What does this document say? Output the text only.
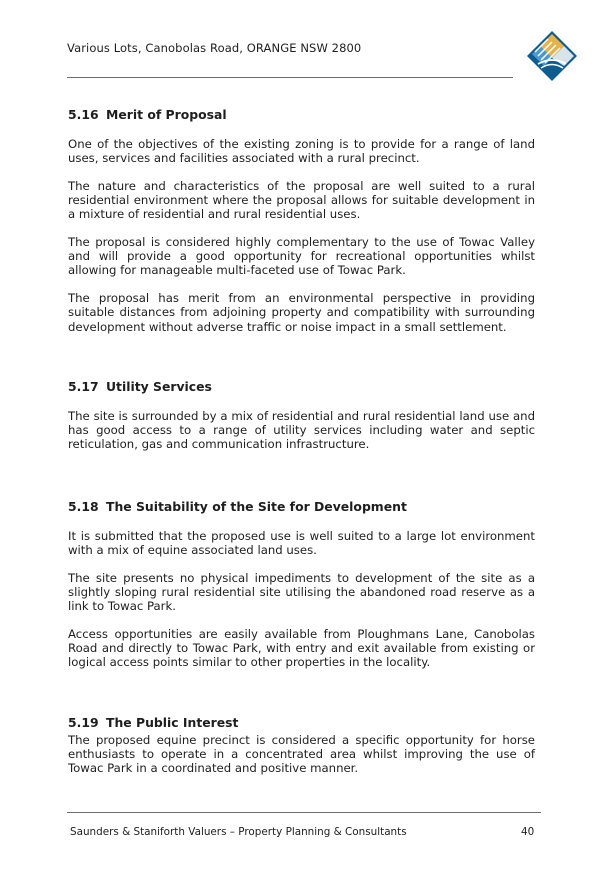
Various Lots, Canobolas Road, ORANGE NSW 2800
5.16 Merit of Proposal

One of the objectives of the existing zoning is to provide for a range of land uses, services and facilities associated with a rural precinct.

The nature and characteristics of the proposal are well suited to a rural residential environment where the proposal allows for suitable development in a mixture of residential and rural residential uses.

The proposal is considered highly complementary to the use of Towac Valley and will provide a good opportunity for recreational opportunities whilst allowing for manageable multi-faceted use of Towac Park.

The proposal has merit from an environmental perspective in providing suitable distances from adjoining property and compatibility with surrounding development without adverse traffic or noise impact in a small settlement.

5.17 Utility Services

The site is surrounded by a mix of residential and rural residential land use and has good access to a range of utility services including water and septic reticulation, gas and communication infrastructure.

5.18 The Suitability of the Site for Development

It is submitted that the proposed use is well suited to a large lot environment with a mix of equine associated land uses.

The site presents no physical impediments to development of the site as a slightly sloping rural residential site utilising the abandoned road reserve as a link to Towac Park.

Access opportunities are easily available from Ploughmans Lane, Canobolas Road and directly to Towac Park, with entry and exit available from existing or logical access points similar to other properties in the locality.

5.19 The Public Interest

The proposed equine precinct is considered a specific opportunity for horse enthusiasts to operate in a concentrated area whilst improving the use of Towac Park in a coordinated and positive manner.

Saunders & Staniforth Valuers – Property Planning & Consultants	40
